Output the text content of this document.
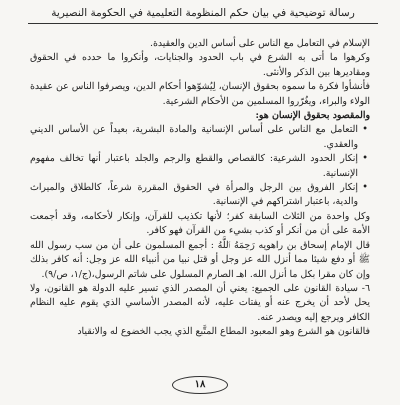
رسالة توضيحية في بيان حكم المنظومة التعليمية في الحكومة النصيرية

الإسلام في التعامل مع الناس على أساس الدين والعقيدة.

وكرهوا ما أتى به الشرع في باب الحدود والجنايات، وأنكروا ما حدده في الحقوق ومقاديرها بين الذكر والأنثى.

فأنشأوا فكرة ما سموه بحقوق الإنسان، لِيُشوّهوا أحكام الدين، ويصرفوا الناس عن عقيدة الولاء والبراء، ويغُرّروا المسلمين من الأحكام الشرعية.

والمقصود بحقوق الإنسان هو:

• التعامل مع الناس على أساس الإنسانية والمادة البشرية، بعيداً عن الأساس الديني والعقدي.
• إنكار الحدود الشرعية: كالقصاص والقطع والرجم والجلد باعتبار أنها تخالف مفهوم الإنسانية.
• إنكار الفروق بين الرجل والمرأة في الحقوق المقررة شرعاً، كالطلاق والميراث والدية، باعتبار اشتراكهم في الإنسانية.

وكل واحدة من الثلاث السابقة كفر؛ لأنها تكذيب للقرآن، وإنكار لأحكامه، وقد أجمعت الأمة على أن من أنكر أو كذب بشيء من القرآن فهو كافر.

قال الإمام إسحاق بن راهويه رَحِمَهُ ٱللَّهُ : أجمع المسلمون على أن من سب رسول الله ﷺ أو دفع شيئا مما أنزل الله عز وجل أو قتل نبيا من أنبياء الله عز وجل: أنه كافر بذلك وإن كان مقرا بكل ما أنزل الله. اهـ الصارم المسلول على شاتم الرسول،(ج/١، ص/٩).

٦- سيادة القانون على الجميع: يعني أن المصدر الذي تسير عليه الدولة هو القانون، ولا يحل لأحد أن يخرج عنه أو يفتات عليه، لأنه المصدر الأساسي الذي يقوم عليه النظام الكافر ويرجع إليه ويصدر عنه.

فالقانون هو الشرع وهو المعبود المطاع المتَّبع الذي يجب الخضوع له والانقياد

١٨
